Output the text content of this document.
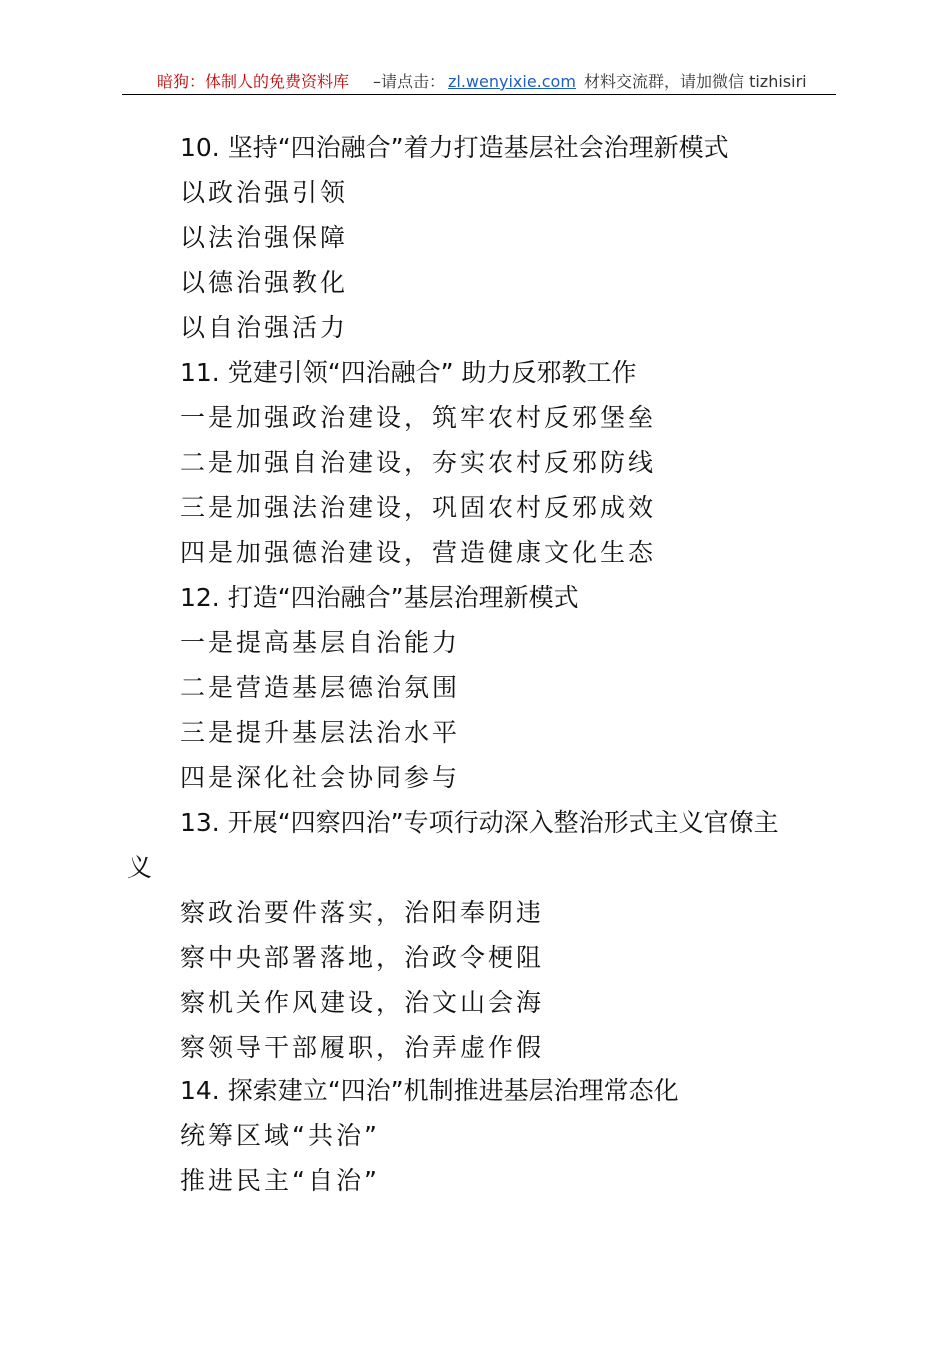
暗狗：体制人的免费资料库 –请点击： zl.wenyixie.com 材料交流群，请加微信 tizhisiri
10. 坚持“四治融合”着力打造基层社会治理新模式
以政治强引领
以法治强保障
以德治强教化
以自治强活力
11. 党建引领“四治融合” 助力反邪教工作
一是加强政治建设，筑牢农村反邪堡垒
二是加强自治建设，夯实农村反邪防线
三是加强法治建设，巩固农村反邪成效
四是加强德治建设，营造健康文化生态
12. 打造“四治融合”基层治理新模式
一是提高基层自治能力
二是营造基层德治氛围
三是提升基层法治水平
四是深化社会协同参与
13. 开展“四察四治”专项行动深入整治形式主义官僚主
义
察政治要件落实，治阳奉阴违
察中央部署落地，治政令梗阻
察机关作风建设，治文山会海
察领导干部履职，治弄虚作假
14. 探索建立“四治”机制推进基层治理常态化
统筹区域“共治”
推进民主“自治”
